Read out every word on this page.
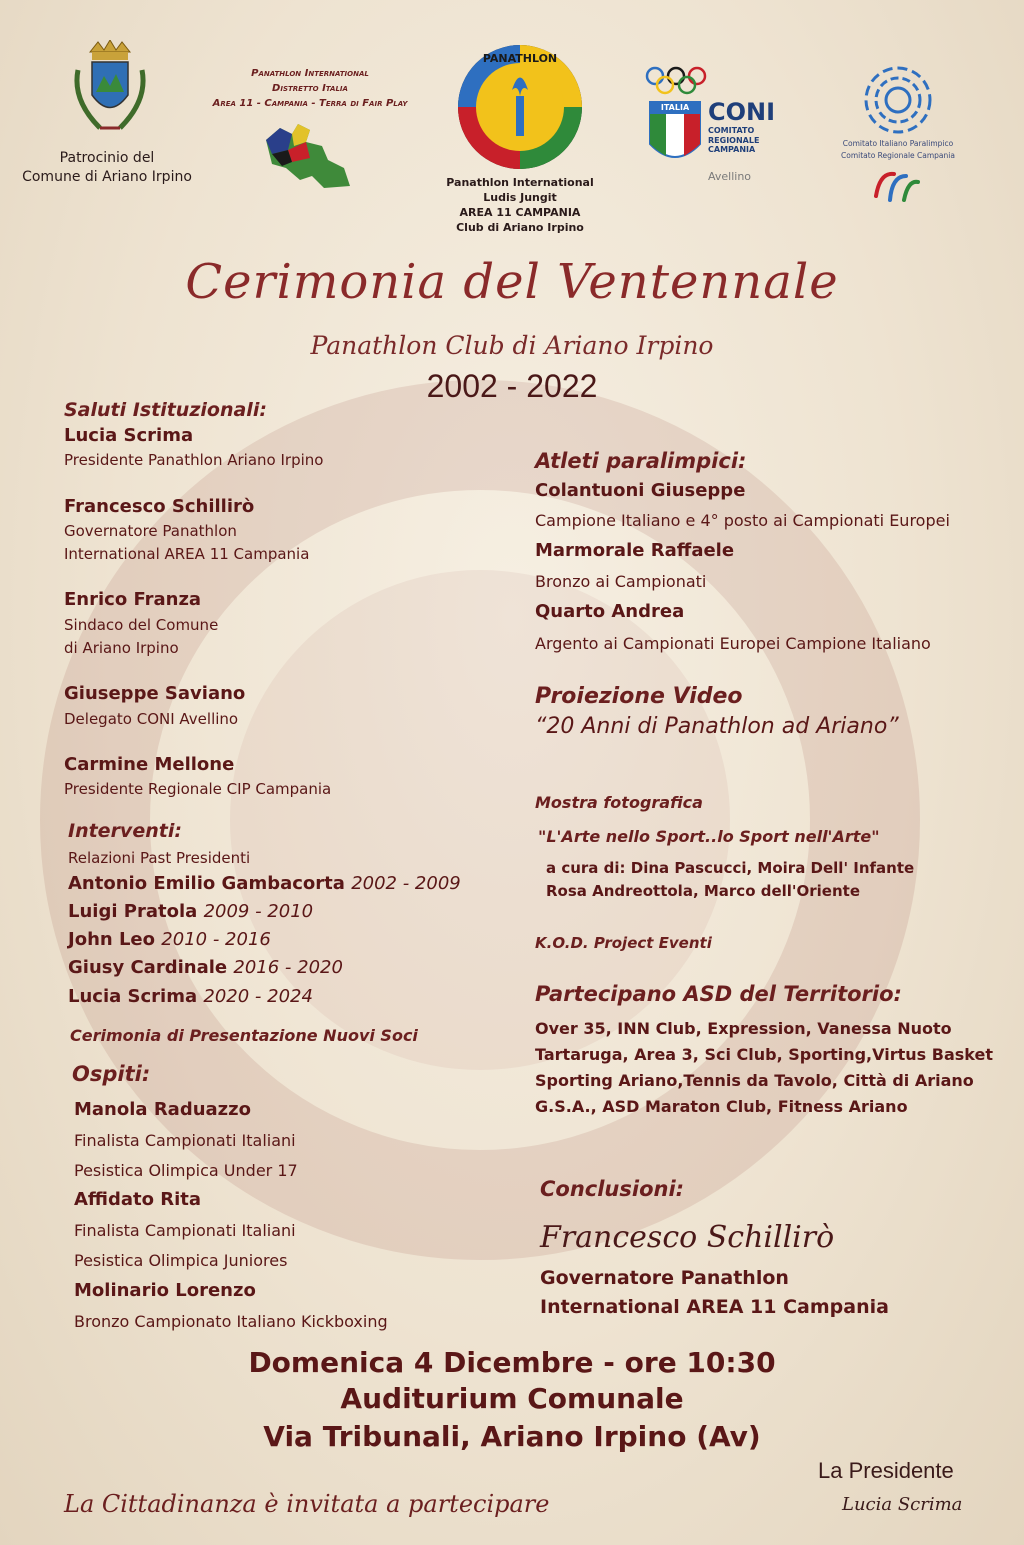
Patrocinio del
Comune di Ariano Irpino
Panathlon International
Distretto Italia
Area 11 - Campania - Terra di Fair Play
PANATHLON
Panathlon International
Ludis Jungit
AREA 11 CAMPANIA
Club di Ariano Irpino
ITALIA CONI
COMITATO
REGIONALE
CAMPANIA
Avellino
Comitato Italiano Paralimpico
Comitato Regionale Campania
Cerimonia del Ventennale
Panathlon Club di Ariano Irpino
2002 - 2022
Saluti Istituzionali:
Lucia Scrima
Presidente Panathlon Ariano Irpino
Francesco Schillirò
Governatore Panathlon
International AREA 11 Campania
Enrico Franza
Sindaco del Comune
di Ariano Irpino
Giuseppe Saviano
Delegato CONI Avellino
Carmine Mellone
Presidente Regionale CIP Campania
Interventi:
Relazioni Past Presidenti
Antonio Emilio Gambacorta 2002 - 2009
Luigi Pratola 2009 - 2010
John Leo 2010 - 2016
Giusy Cardinale 2016 - 2020
Lucia Scrima 2020 - 2024
Cerimonia di Presentazione Nuovi Soci
Ospiti:
Manola Raduazzo
Finalista Campionati Italiani
Pesistica Olimpica Under 17
Affidato Rita
Finalista Campionati Italiani
Pesistica Olimpica Juniores
Molinario Lorenzo
Bronzo Campionato Italiano Kickboxing
Atleti paralimpici:
Colantuoni Giuseppe
Campione Italiano e 4° posto ai Campionati Europei
Marmorale Raffaele
Bronzo ai Campionati
Quarto Andrea
Argento ai Campionati Europei Campione Italiano
Proiezione Video
“20 Anni di Panathlon ad Ariano”
Mostra fotografica
"L'Arte nello Sport..lo Sport nell'Arte"
a cura di: Dina Pascucci, Moira Dell' Infante
Rosa Andreottola, Marco dell'Oriente
K.O.D. Project Eventi
Partecipano ASD del Territorio:
Over 35, INN Club, Expression, Vanessa Nuoto
Tartaruga, Area 3, Sci Club, Sporting,Virtus Basket
Sporting Ariano,Tennis da Tavolo, Città di Ariano
G.S.A., ASD Maraton Club, Fitness Ariano
Conclusioni:
Francesco Schillirò
Governatore Panathlon
International AREA 11 Campania
Domenica 4 Dicembre - ore 10:30
Auditurium Comunale
Via Tribunali, Ariano Irpino (Av)
La Cittadinanza è invitata a partecipare
La Presidente
Lucia Scrima
